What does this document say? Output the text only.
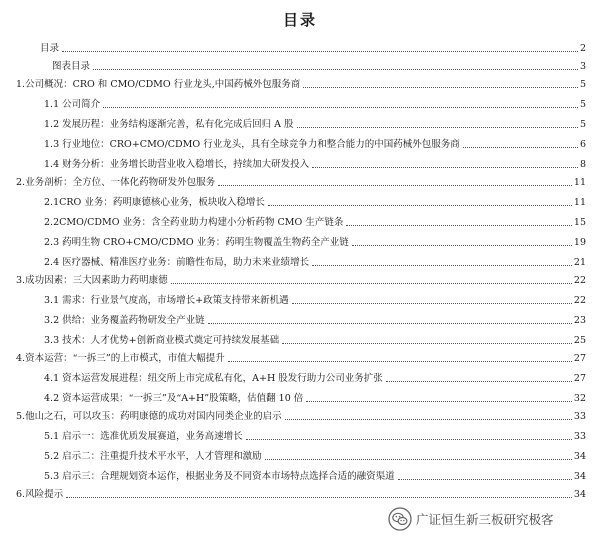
目录
目录	2
图表目录	3
1.公司概况：CRO 和 CMO/CDMO 行业龙头,中国药械外包服务商	5
1.1 公司简介	5
1.2 发展历程：业务结构逐渐完善，私有化完成后回归 A 股	5
1.3 行业地位：CRO+CMO/CDMO 行业龙头，具有全球竞争力和整合能力的中国药械外包服务商	6
1.4 财务分析：业务增长助营业收入稳增长，持续加大研发投入	8
2.业务剖析：全方位、一体化药物研发外包服务	11
2.1CRO 业务：药明康德核心业务，板块收入稳增长	11
2.2CMO/CDMO 业务：含全药业助力构建小分析药物 CMO 生产链条	15
2.3 药明生物 CRO+CMO/CDMO 业务：药明生物覆盖生物药全产业链	19
2.4 医疗器械、精准医疗业务：前瞻性布局，助力未来业绩增长	21
3.成功因素：三大因素助力药明康德	22
3.1 需求：行业景气度高，市场增长+政策支持带来新机遇	22
3.2 供给：业务覆盖药物研发全产业链	23
3.3 技术：人才优势+创新商业模式奠定可持续发展基础	25
4.资本运营：“一拆三”的上市模式，市值大幅提升	27
4.1 资本运营发展进程：纽交所上市完成私有化，A+H 股发行助力公司业务扩张	27
4.2 资本运营成果：“一拆三”及“A+H”股策略，估值翻 10 倍	32
5.他山之石，可以攻玉：药明康德的成功对国内同类企业的启示	33
5.1 启示一：选准优质发展赛道，业务高速增长	33
5.2 启示二：注重提升技术平水平，人才管理和激励	34
5.3 启示三：合理规划资本运作，根据业务及不同资本市场特点选择合适的融资渠道	34
6.风险提示	34
广证恒生新三板研究极客
